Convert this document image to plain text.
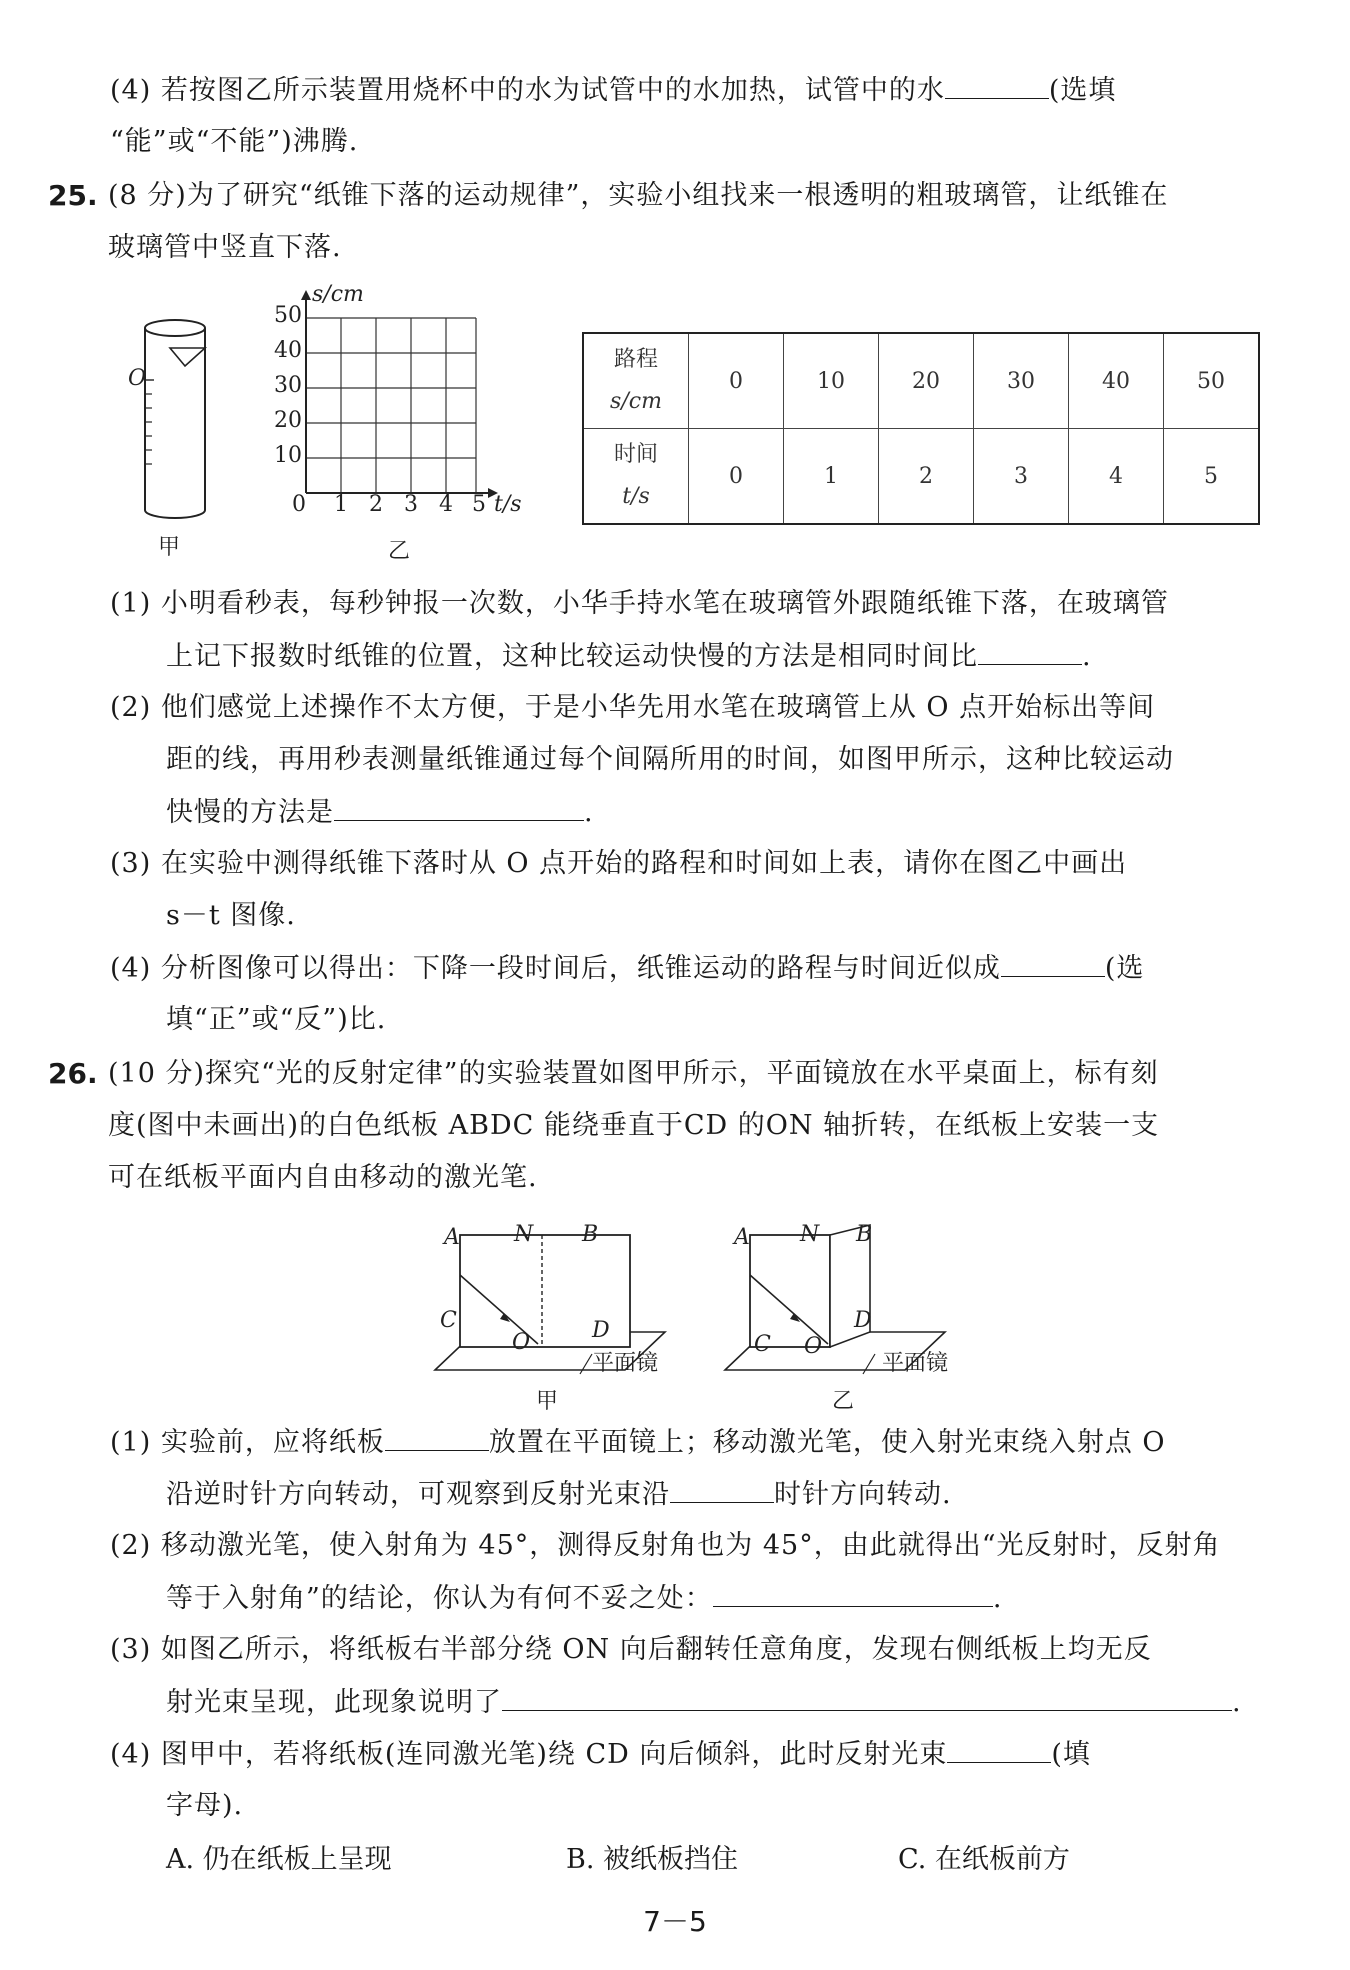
(4) 若按图乙所示装置用烧杯中的水为试管中的水加热，试管中的水	(选填
“能”或“不能”)沸腾.
25. (8 分)为了研究“纸锥下落的运动规律”，实验小组找来一根透明的粗玻璃管，让纸锥在
玻璃管中竖直下落.
O
甲
s/cm
50
40
30
20
10
0 1 2 3 4 5 t/s
乙
路程
s/cm	0	10	20	30	40	50
时间
t/s	0	1	2	3	4	5
(1) 小明看秒表，每秒钟报一次数，小华手持水笔在玻璃管外跟随纸锥下落，在玻璃管
上记下报数时纸锥的位置，这种比较运动快慢的方法是相同时间比	.
(2) 他们感觉上述操作不太方便，于是小华先用水笔在玻璃管上从 O 点开始标出等间
距的线，再用秒表测量纸锥通过每个间隔所用的时间，如图甲所示，这种比较运动
快慢的方法是	.
(3) 在实验中测得纸锥下落时从 O 点开始的路程和时间如上表，请你在图乙中画出
s－t 图像.
(4) 分析图像可以得出：下降一段时间后，纸锥运动的路程与时间近似成	(选
填“正”或“反”)比.
26. (10 分)探究“光的反射定律”的实验装置如图甲所示，平面镜放在水平桌面上，标有刻
度(图中未画出)的白色纸板 ABDC 能绕垂直于CD 的ON 轴折转，在纸板上安装一支
可在纸板平面内自由移动的激光笔.
A N B
C	D
O
平面镜
甲
A N B
C
D
O
平面镜
乙
(1) 实验前，应将纸板	放置在平面镜上；移动激光笔，使入射光束绕入射点 O
沿逆时针方向转动，可观察到反射光束沿	时针方向转动.
(2) 移动激光笔，使入射角为 45°，测得反射角也为 45°，由此就得出“光反射时，反射角
等于入射角”的结论，你认为有何不妥之处：	.
(3) 如图乙所示，将纸板右半部分绕 ON 向后翻转任意角度，发现右侧纸板上均无反
射光束呈现，此现象说明了	.
(4) 图甲中，若将纸板(连同激光笔)绕 CD 向后倾斜，此时反射光束	(填
字母).
A. 仍在纸板上呈现	B. 被纸板挡住	C. 在纸板前方
7－5
